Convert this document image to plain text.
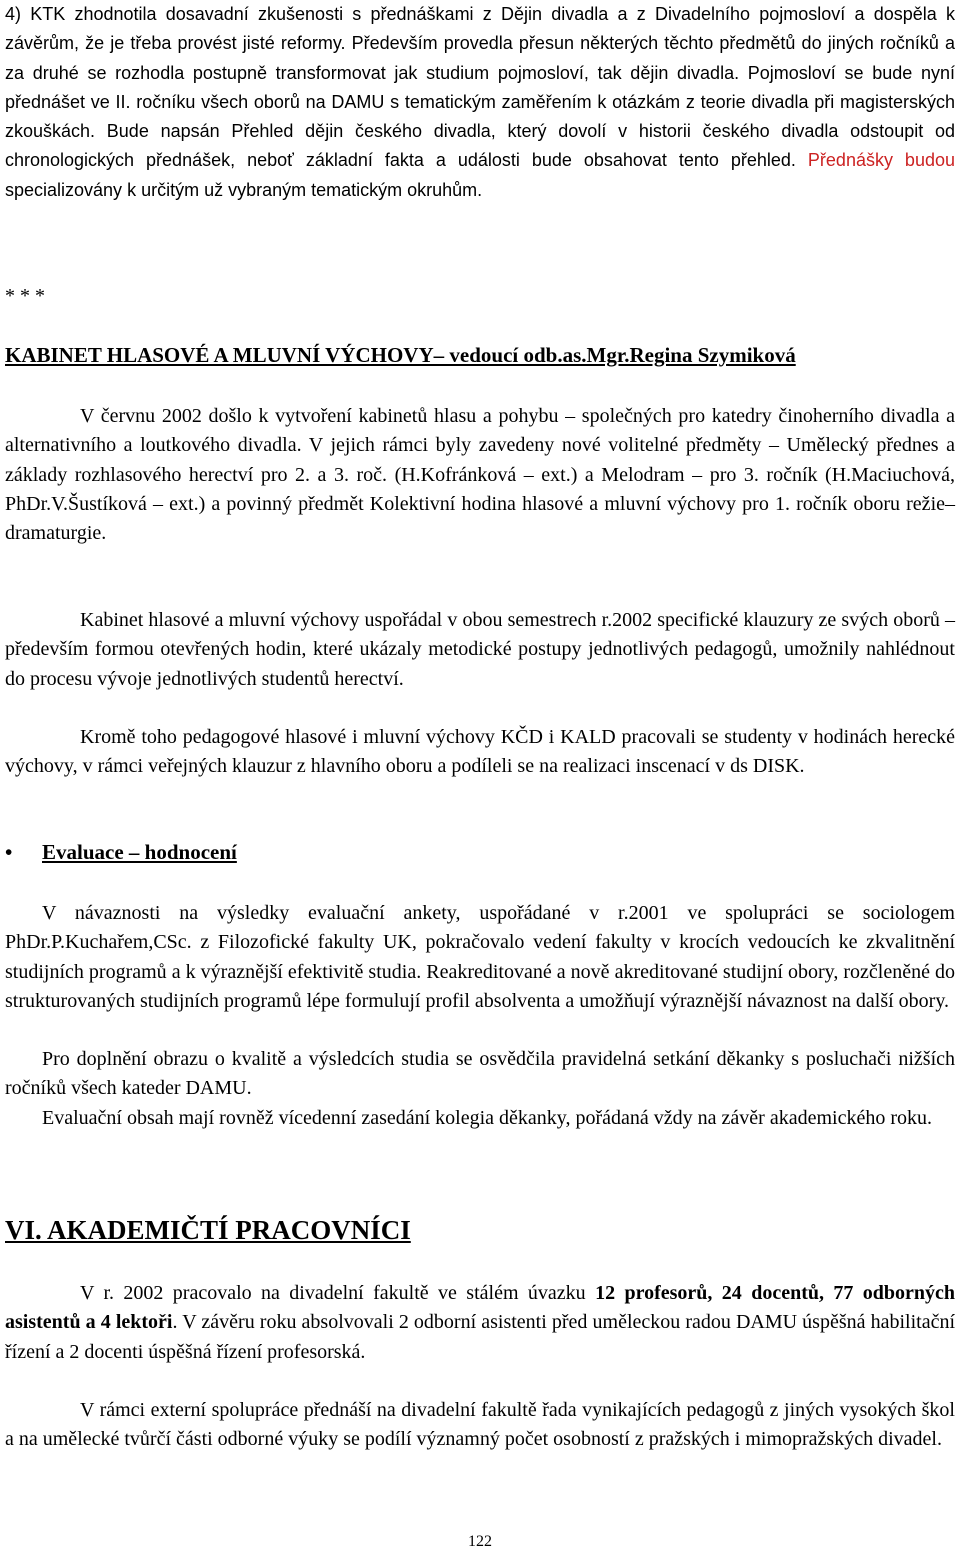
4) KTK zhodnotila dosavadní zkušenosti s přednáškami z Dějin divadla a z Divadelního pojmosloví a dospěla k závěrům, že je třeba provést jisté reformy. Především provedla přesun některých těchto předmětů do jiných ročníků a za druhé se rozhodla postupně transformovat jak studium pojmosloví, tak dějin divadla. Pojmosloví se bude nyní přednášet ve II. ročníku všech oborů na DAMU s tematickým zaměřením k otázkám z teorie divadla při magisterských zkouškách. Bude napsán Přehled dějin českého divadla, který dovolí v historii českého divadla odstoupit od chronologických přednášek, neboť základní fakta a události bude obsahovat tento přehled. Přednášky budou specializovány k určitým už vybraným tematickým okruhům.

* * *

KABINET HLASOVÉ A MLUVNÍ VÝCHOVY– vedoucí odb.as.Mgr.Regina Szymiková

V červnu 2002 došlo k vytvoření kabinetů hlasu a pohybu – společných pro katedry činoherního divadla a alternativního a loutkového divadla. V jejich rámci byly zavedeny nové volitelné předměty – Umělecký přednes a základy rozhlasového herectví pro 2. a 3. roč. (H.Kofránková – ext.) a Melodram – pro 3. ročník (H.Maciuchová, PhDr.V.Šustíková – ext.) a povinný předmět Kolektivní hodina hlasové a mluvní výchovy pro 1. ročník oboru režie– dramaturgie.

Kabinet hlasové a mluvní výchovy uspořádal v obou semestrech r.2002 specifické klauzury ze svých oborů – především formou otevřených hodin, které ukázaly metodické postupy jednotlivých pedagogů, umožnily nahlédnout do procesu vývoje jednotlivých studentů herectví.

Kromě toho pedagogové hlasové i mluvní výchovy KČD i KALD pracovali se studenty v hodinách herecké výchovy, v rámci veřejných klauzur z hlavního oboru a podíleli se na realizaci inscenací v ds DISK.

• Evaluace – hodnocení

V návaznosti na výsledky evaluační ankety, uspořádané v r.2001 ve spolupráci se sociologem PhDr.P.Kuchařem,CSc. z Filozofické fakulty UK, pokračovalo vedení fakulty v krocích vedoucích ke zkvalitnění studijních programů a k výraznější efektivitě studia. Reakreditované a nově akreditované studijní obory, rozčleněné do strukturovaných studijních programů lépe formulují profil absolventa a umožňují výraznější návaznost na další obory.

Pro doplnění obrazu o kvalitě a výsledcích studia se osvědčila pravidelná setkání děkanky s posluchači nižších ročníků všech kateder DAMU.

Evaluační obsah mají rovněž vícedenní zasedání kolegia děkanky, pořádaná vždy na závěr akademického roku.

VI. AKADEMIČTÍ PRACOVNÍCI

V r. 2002 pracovalo na divadelní fakultě ve stálém úvazku 12 profesorů, 24 docentů, 77 odborných asistentů a 4 lektoři. V závěru roku absolvovali 2 odborní asistenti před uměleckou radou DAMU úspěšná habilitační řízení a 2 docenti úspěšná řízení profesorská.

V rámci externí spolupráce přednáší na divadelní fakultě řada vynikajících pedagogů z jiných vysokých škol a na umělecké tvůrčí části odborné výuky se podílí významný počet osobností z pražských i mimopražských divadel.

122
